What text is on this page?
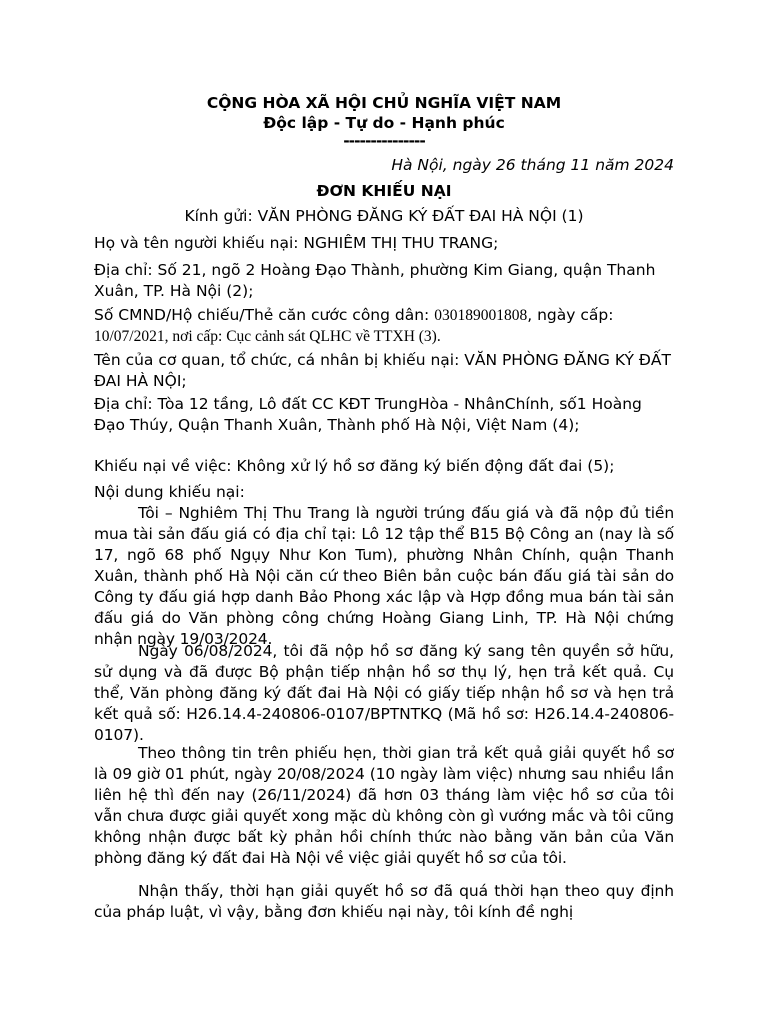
CỘNG HÒA XÃ HỘI CHỦ NGHĨA VIỆT NAM

Độc lập - Tự do - Hạnh phúc

---------------

Hà Nội, ngày 26 tháng 11 năm 2024

ĐƠN KHIẾU NẠI

Kính gửi: VĂN PHÒNG ĐĂNG KÝ ĐẤT ĐAI HÀ NỘI (1)

Họ và tên người khiếu nại: NGHIÊM THỊ THU TRANG;

Địa chỉ: Số 21, ngõ 2 Hoàng Đạo Thành, phường Kim Giang, quận Thanh Xuân, TP. Hà Nội (2);

Số CMND/Hộ chiếu/Thẻ căn cước công dân: 030189001808, ngày cấp: 10/07/2021, nơi cấp: Cục cảnh sát QLHC về TTXH (3).

Tên của cơ quan, tổ chức, cá nhân bị khiếu nại: VĂN PHÒNG ĐĂNG KÝ ĐẤT ĐAI HÀ NỘI;

Địa chỉ: Tòa 12 tầng, Lô đất CC KĐT TrungHòa - NhânChính, số1 Hoàng Đạo Thúy, Quận Thanh Xuân, Thành phố Hà Nội, Việt Nam (4);

Khiếu nại về việc: Không xử lý hồ sơ đăng ký biến động đất đai (5);

Nội dung khiếu nại:

Tôi – Nghiêm Thị Thu Trang là người trúng đấu giá và đã nộp đủ tiền mua tài sản đấu giá có địa chỉ tại: Lô 12 tập thể B15 Bộ Công an (nay là số 17, ngõ 68 phố Ngụy Như Kon Tum), phường Nhân Chính, quận Thanh Xuân, thành phố Hà Nội căn cứ theo Biên bản cuộc bán đấu giá tài sản do Công ty đấu giá hợp danh Bảo Phong xác lập và Hợp đồng mua bán tài sản đấu giá do Văn phòng công chứng Hoàng Giang Linh, TP. Hà Nội chứng nhận ngày 19/03/2024.

Ngày 06/08/2024, tôi đã nộp hồ sơ đăng ký sang tên quyền sở hữu, sử dụng và đã được Bộ phận tiếp nhận hồ sơ thụ lý, hẹn trả kết quả. Cụ thể, Văn phòng đăng ký đất đai Hà Nội có giấy tiếp nhận hồ sơ và hẹn trả kết quả số: H26.14.4-240806-0107/BPTNTKQ (Mã hồ sơ: H26.14.4-240806-0107).

Theo thông tin trên phiếu hẹn, thời gian trả kết quả giải quyết hồ sơ là 09 giờ 01 phút, ngày 20/08/2024 (10 ngày làm việc) nhưng sau nhiều lần liên hệ thì đến nay (26/11/2024) đã hơn 03 tháng làm việc hồ sơ của tôi vẫn chưa được giải quyết xong mặc dù không còn gì vướng mắc và tôi cũng không nhận được bất kỳ phản hồi chính thức nào bằng văn bản của Văn phòng đăng ký đất đai Hà Nội về việc giải quyết hồ sơ của tôi.

Nhận thấy, thời hạn giải quyết hồ sơ đã quá thời hạn theo quy định của pháp luật, vì vậy, bằng đơn khiếu nại này, tôi kính đề nghị
